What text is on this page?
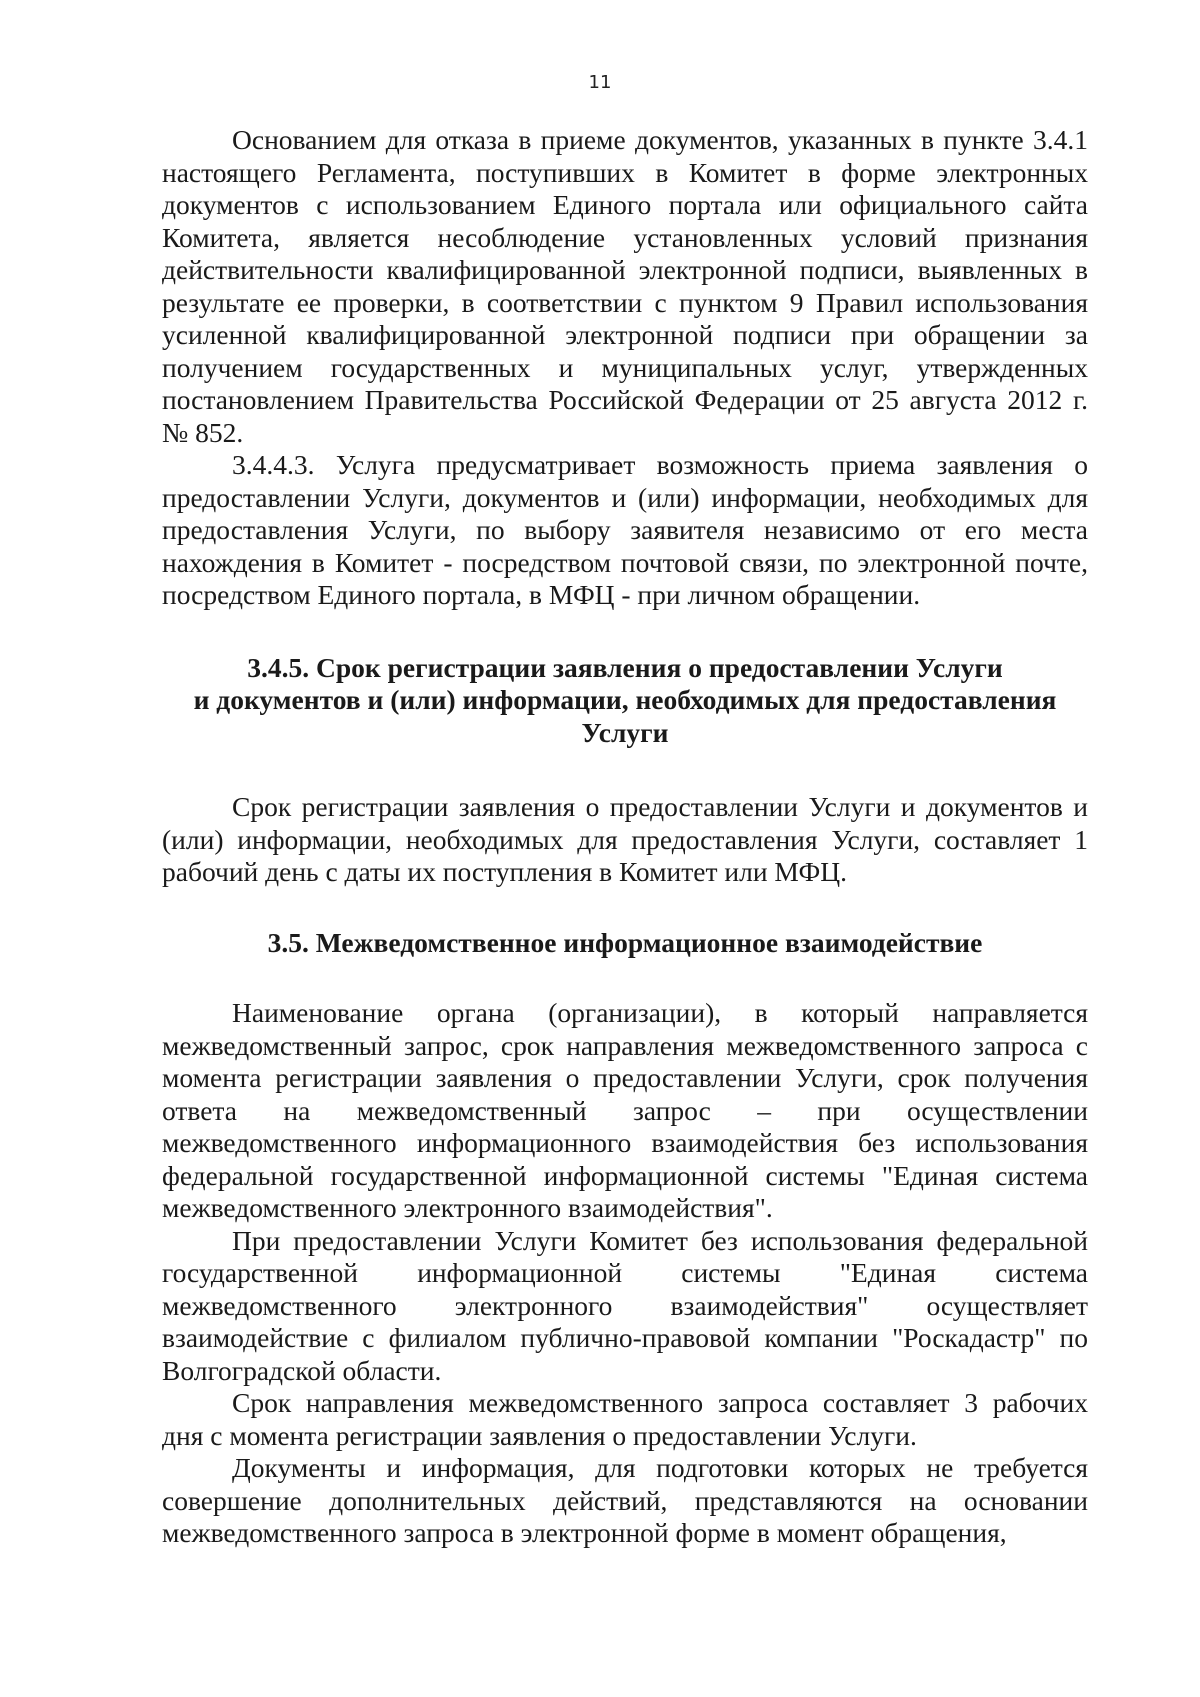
11

Основанием для отказа в приеме документов, указанных в пункте 3.4.1 настоящего Регламента, поступивших в Комитет в форме электронных документов с использованием Единого портала или официального сайта Комитета, является несоблюдение установленных условий признания действительности квалифицированной электронной подписи, выявленных в результате ее проверки, в соответствии с пунктом 9 Правил использования усиленной квалифицированной электронной подписи при обращении за получением государственных и муниципальных услуг, утвержденных постановлением Правительства Российской Федерации от 25 августа 2012 г. № 852.

3.4.4.3. Услуга предусматривает возможность приема заявления о предоставлении Услуги, документов и (или) информации, необходимых для предоставления Услуги, по выбору заявителя независимо от его места нахождения в Комитет - посредством почтовой связи, по электронной почте, посредством Единого портала, в МФЦ - при личном обращении.

3.4.5. Срок регистрации заявления о предоставлении Услуги
и документов и (или) информации, необходимых для предоставления
Услуги

Срок регистрации заявления о предоставлении Услуги и документов и (или) информации, необходимых для предоставления Услуги, составляет 1 рабочий день с даты их поступления в Комитет или МФЦ.

3.5. Межведомственное информационное взаимодействие

Наименование органа (организации), в который направляется межведомственный запрос, срок направления межведомственного запроса с момента регистрации заявления о предоставлении Услуги, срок получения ответа на межведомственный запрос – при осуществлении межведомственного информационного взаимодействия без использования федеральной государственной информационной системы "Единая система межведомственного электронного взаимодействия".

При предоставлении Услуги Комитет без использования федеральной государственной информационной системы "Единая система межведомственного электронного взаимодействия" осуществляет взаимодействие с филиалом публично-правовой компании "Роскадастр" по Волгоградской области.

Срок направления межведомственного запроса составляет 3 рабочих дня с момента регистрации заявления о предоставлении Услуги.

Документы и информация, для подготовки которых не требуется совершение дополнительных действий, представляются на основании межведомственного запроса в электронной форме в момент обращения,
